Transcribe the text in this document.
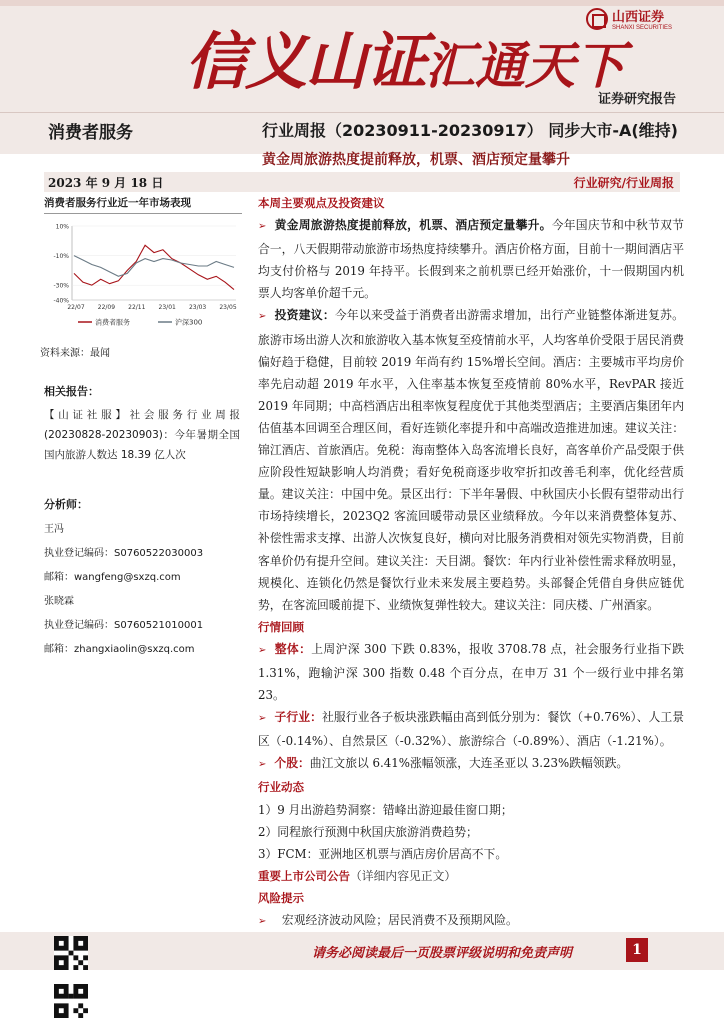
信义山证汇通天下
山西证券
SHANXI SECURITIES
证券研究报告
消费者服务	行业周报（20230911-20230917） 同步大市-A(维持)
黄金周旅游热度提前释放，机票、酒店预定量攀升
2023 年 9 月 18 日	行业研究/行业周报
消费者服务行业近一年市场表现
10%
-10%
-30%
-40%
22/07 22/09 22/11 23/01 23/03 23/05
消费者服务	沪深300
资料来源：最闻
相关报告：
【山证社服】社会服务行业周报(20230828-20230903)：今年暑期全国国内旅游人数达 18.39 亿人次
分析师：
王冯
执业登记编码：S0760522030003
邮箱：wangfeng@sxzq.com
张晓霖
执业登记编码：S0760521010001
邮箱：zhangxiaolin@sxzq.com
本周主要观点及投资建议

➢ 黄金周旅游热度提前释放，机票、酒店预定量攀升。今年国庆节和中秋节双节合一，八天假期带动旅游市场热度持续攀升。酒店价格方面，目前十一期间酒店平均支付价格与 2019 年持平。长假到来之前机票已经开始涨价，十一假期国内机票人均客单价超千元。

➢ 投资建议：今年以来受益于消费者出游需求增加，出行产业链整体渐进复苏。旅游市场出游人次和旅游收入基本恢复至疫情前水平，人均客单价受限于居民消费偏好趋于稳健，目前较 2019 年尚有约 15%增长空间。酒店：主要城市平均房价率先启动超 2019 年水平，入住率基本恢复至疫情前 80%水平，RevPAR 接近 2019 年同期；中高档酒店出租率恢复程度优于其他类型酒店；主要酒店集团年内估值基本回调至合理区间，看好连锁化率提升和中高端改造推进加速。建议关注：锦江酒店、首旅酒店。免税：海南整体入岛客流增长良好，高客单价产品受限于供应阶段性短缺影响人均消费；看好免税商逐步收窄折扣改善毛利率，优化经营质量。建议关注：中国中免。景区出行：下半年暑假、中秋国庆小长假有望带动出行市场持续增长，2023Q2 客流回暖带动景区业绩释放。今年以来消费整体复苏、补偿性需求支撑、出游人次恢复良好，横向对比服务消费相对领先实物消费，目前客单价仍有提升空间。建议关注：天目湖。餐饮：年内行业补偿性需求释放明显，规模化、连锁化仍然是餐饮行业未来发展主要趋势。头部餐企凭借自身供应链优势，在客流回暖前提下、业绩恢复弹性较大。建议关注：同庆楼、广州酒家。

行情回顾

➢ 整体：上周沪深 300 下跌 0.83%，报收 3708.78 点，社会服务行业指下跌 1.31%，跑输沪深 300 指数 0.48 个百分点，在申万 31 个一级行业中排名第 23。

➢ 子行业：社服行业各子板块涨跌幅由高到低分别为：餐饮（+0.76%）、人工景区（-0.14%）、自然景区（-0.32%）、旅游综合（-0.89%）、酒店（-1.21%）。

➢ 个股：曲江文旅以 6.41%涨幅领涨，大连圣亚以 3.23%跌幅领跌。

行业动态

1）9 月出游趋势洞察：错峰出游迎最佳窗口期；

2）同程旅行预测中秋国庆旅游消费趋势；

3）FCM：亚洲地区机票与酒店房价居高不下。

重要上市公司公告（详细内容见正文）
风险提示

➢ 宏观经济波动风险；居民消费不及预期风险。

请务必阅读最后一页股票评级说明和免责声明	1
